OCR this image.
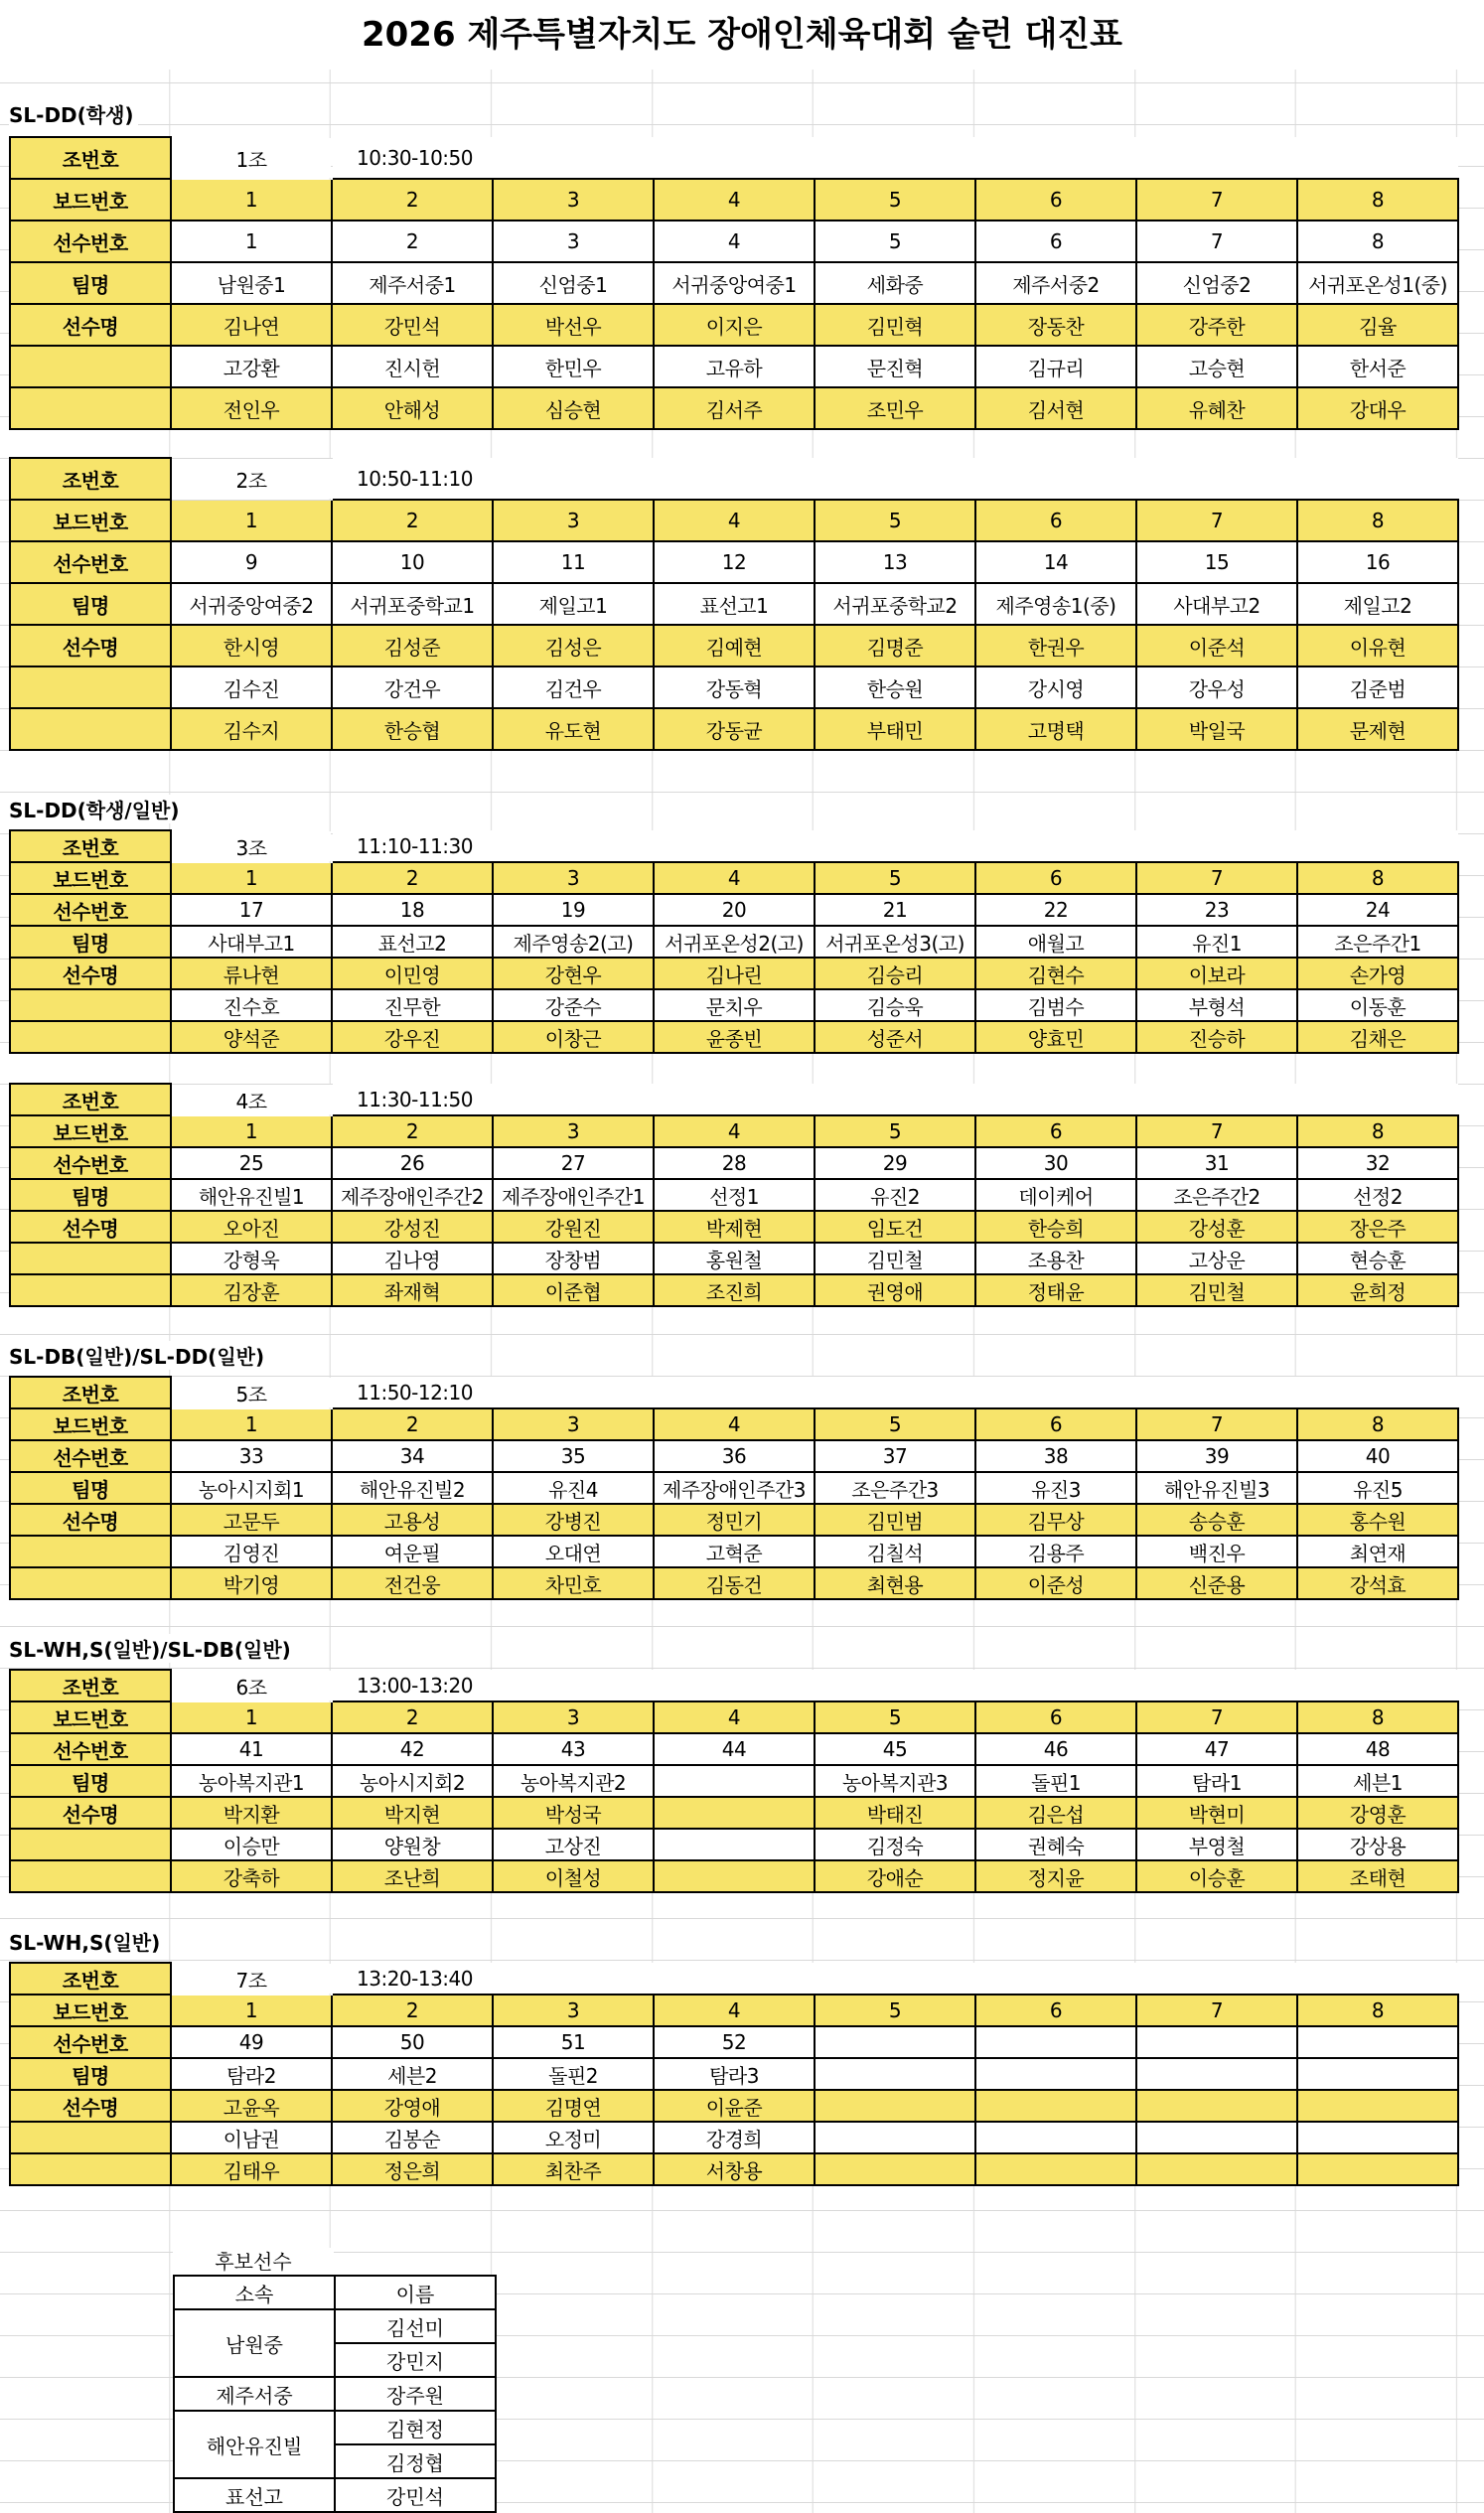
2026 제주특별자치도 장애인체육대회 숱런 대진표
SL-DD(학생)
SL-DD(학생/일반)
SL-DB(일반)/SL-DD(일반)
SL-WH,S(일반)/SL-DB(일반)
SL-WH,S(일반)
조번호	1조	10:30-10:50						
보드번호	1	2	3	4	5	6	7	8
선수번호	1	2	3	4	5	6	7	8
팀명	남원중1	제주서중1	신엄중1	서귀중앙여중1	세화중	제주서중2	신엄중2	서귀포온성1(중)
선수명	김나연	강민석	박선우	이지은	김민혁	장동찬	강주한	김율
	고강환	진시헌	한민우	고유하	문진혁	김규리	고승현	한서준
	전인우	안해성	심승현	김서주	조민우	김서현	유혜찬	강대우
조번호	2조	10:50-11:10						
보드번호	1	2	3	4	5	6	7	8
선수번호	9	10	11	12	13	14	15	16
팀명	서귀중앙여중2	서귀포중학교1	제일고1	표선고1	서귀포중학교2	제주영송1(중)	사대부고2	제일고2
선수명	한시영	김성준	김성은	김예현	김명준	한권우	이준석	이유현
	김수진	강건우	김건우	강동혁	한승원	강시영	강우성	김준범
	김수지	한승협	유도현	강동균	부태민	고명택	박일국	문제현
조번호	3조	11:10-11:30						
보드번호	1	2	3	4	5	6	7	8
선수번호	17	18	19	20	21	22	23	24
팀명	사대부고1	표선고2	제주영송2(고)	서귀포온성2(고)	서귀포온성3(고)	애월고	유진1	조은주간1
선수명	류나현	이민영	강현우	김나린	김승리	김현수	이보라	손가영
	진수호	진무한	강준수	문치우	김승욱	김범수	부형석	이동훈
	양석준	강우진	이창근	윤종빈	성준서	양효민	진승하	김채은
조번호	4조	11:30-11:50						
보드번호	1	2	3	4	5	6	7	8
선수번호	25	26	27	28	29	30	31	32
팀명	해안유진빌1	제주장애인주간2	제주장애인주간1	선정1	유진2	데이케어	조은주간2	선정2
선수명	오아진	강성진	강원진	박제현	임도건	한승희	강성훈	장은주
	강형욱	김나영	장창범	홍원철	김민철	조용찬	고상운	현승훈
	김장훈	좌재혁	이준협	조진희	권영애	정태윤	김민철	윤희정
조번호	5조	11:50-12:10						
보드번호	1	2	3	4	5	6	7	8
선수번호	33	34	35	36	37	38	39	40
팀명	농아시지회1	해안유진빌2	유진4	제주장애인주간3	조은주간3	유진3	해안유진빌3	유진5
선수명	고문두	고용성	강병진	정민기	김민범	김무상	송승훈	홍수원
	김영진	여운필	오대연	고혁준	김칠석	김용주	백진우	최연재
	박기영	전건웅	차민호	김동건	최현용	이준성	신준용	강석효
조번호	6조	13:00-13:20						
보드번호	1	2	3	4	5	6	7	8
선수번호	41	42	43	44	45	46	47	48
팀명	농아복지관1	농아시지회2	농아복지관2		농아복지관3	돌핀1	탐라1	세븐1
선수명	박지환	박지현	박성국		박태진	김은섭	박현미	강영훈
	이승만	양원창	고상진		김정숙	권혜숙	부영철	강상용
	강축하	조난희	이철성		강애순	정지윤	이승훈	조태현
조번호	7조	13:20-13:40						
보드번호	1	2	3	4	5	6	7	8
선수번호	49	50	51	52				
팀명	탐라2	세븐2	돌핀2	탐라3				
선수명	고윤옥	강영애	김명연	이윤준				
	이남권	김봉순	오정미	강경희				
	김태우	정은희	최찬주	서창용				
후보선수
소속	이름
남원중	김선미
	강민지
제주서중	장주원
해안유진빌	김현정
	김정협
표선고	강민석
